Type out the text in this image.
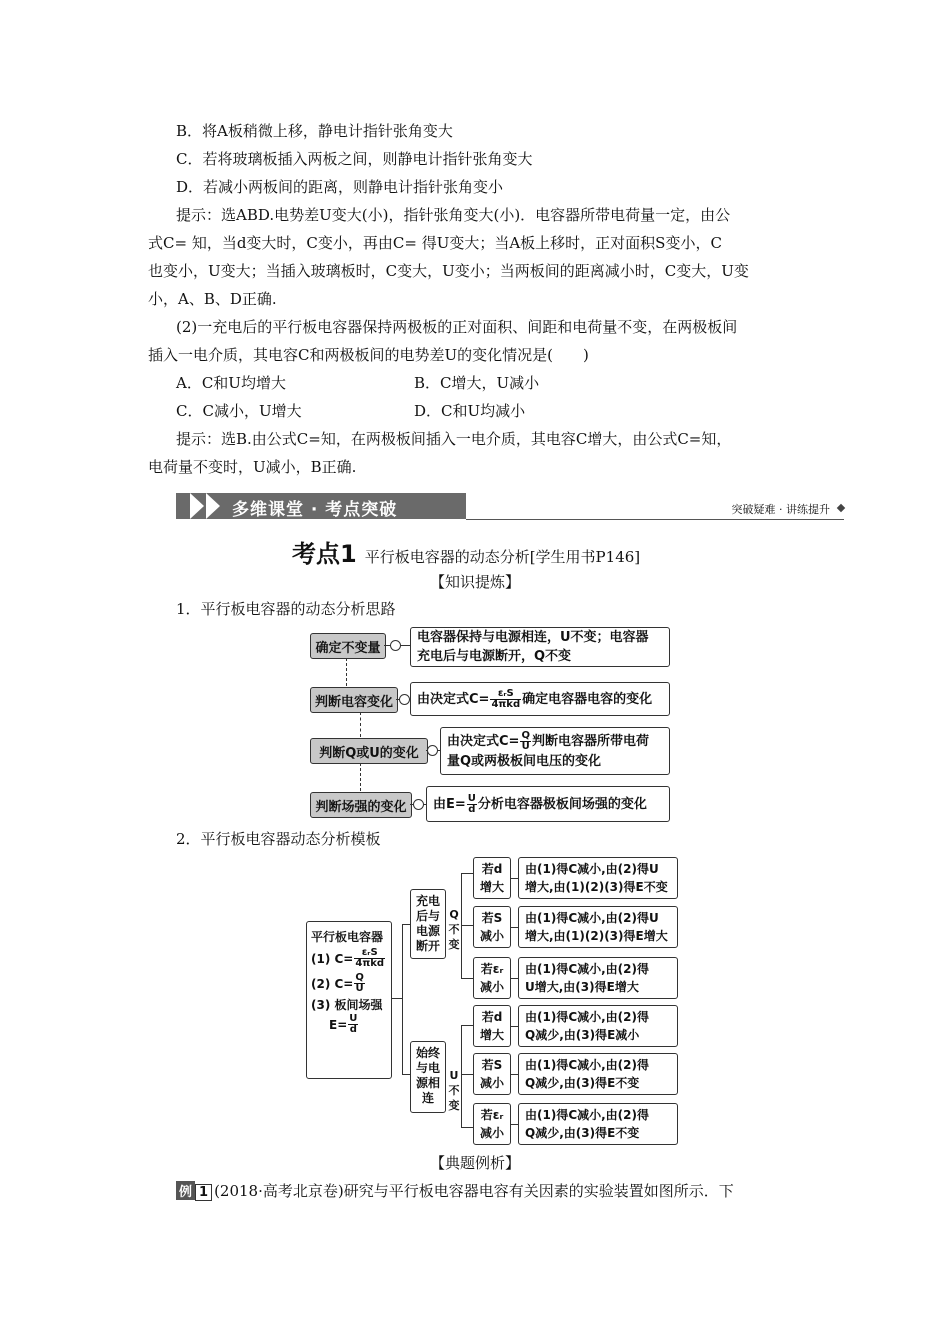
B．将A板稍微上移，静电计指针张角变大
C．若将玻璃板插入两板之间，则静电计指针张角变大
D．若减小两板间的距离，则静电计指针张角变小
提示：选ABD.电势差U变大(小)，指针张角变大(小)．电容器所带电荷量一定，由公
式C= 知，当d变大时，C变小，再由C= 得U变大；当A板上移时，正对面积S变小，C
也变小，U变大；当插入玻璃板时，C变大，U变小；当两板间的距离减小时，C变大，U变
小，A、B、D正确.
(2)一充电后的平行板电容器保持两极板的正对面积、间距和电荷量不变，在两极板间
插入一电介质，其电容C和两极板间的电势差U的变化情况是(　　)
A．C和U均增大	B．C增大，U减小
C．C减小，U增大	D．C和U均减小
提示：选B.由公式C=知，在两极板间插入一电介质，其电容C增大，由公式C=知，
电荷量不变时，U减小，B正确.
多维课堂 · 考点突破	突破疑难 · 讲练提升
考点1 平行板电容器的动态分析[学生用书P146]
【知识提炼】
1．平行板电容器的动态分析思路
确定不变量
判断电容变化
判断Q或U的变化
判断场强的变化
电容器保持与电源相连，U不变；电容器
充电后与电源断开，Q不变
由决定式$C= \frac{\text{εᵣS}}{\text{4πkd}}$ 确定电容器电容的变化
由决定式$C= \frac{Q}{U}$ 判断电容器所带电荷
量Q或两极板间电压的变化
由$E= \frac{U}{d}$ 分析电容器极板间场强的变化
2．平行板电容器动态分析模板
平行板电容器
(1) $C= \frac{\text{εᵣS}}{\text{4πkd}}$
(2) $C= \frac{Q}{U}$
(3) 板间场强
$E= \frac{U}{d}$
充电后与电源断开
Q不变
始终与电源相连
U不变
若d增大
由(1)得C减小,由(2)得U
增大,由(1)(2)(3)得E不变
若S减小
由(1)得C减小,由(2)得U
增大,由(1)(2)(3)得E增大
若εᵣ减小
由(1)得C减小,由(2)得
U增大,由(3)得E增大
若d增大
由(1)得C减小,由(2)得
Q减少,由(3)得E减小
若S减小
由(1)得C减小,由(2)得
Q减少,由(3)得E不变
若εᵣ减小
由(1)得C减小,由(2)得
Q减少,由(3)得E不变
【典题例析】
例 1 (2018·高考北京卷)研究与平行板电容器电容有关因素的实验装置如图所示．下
